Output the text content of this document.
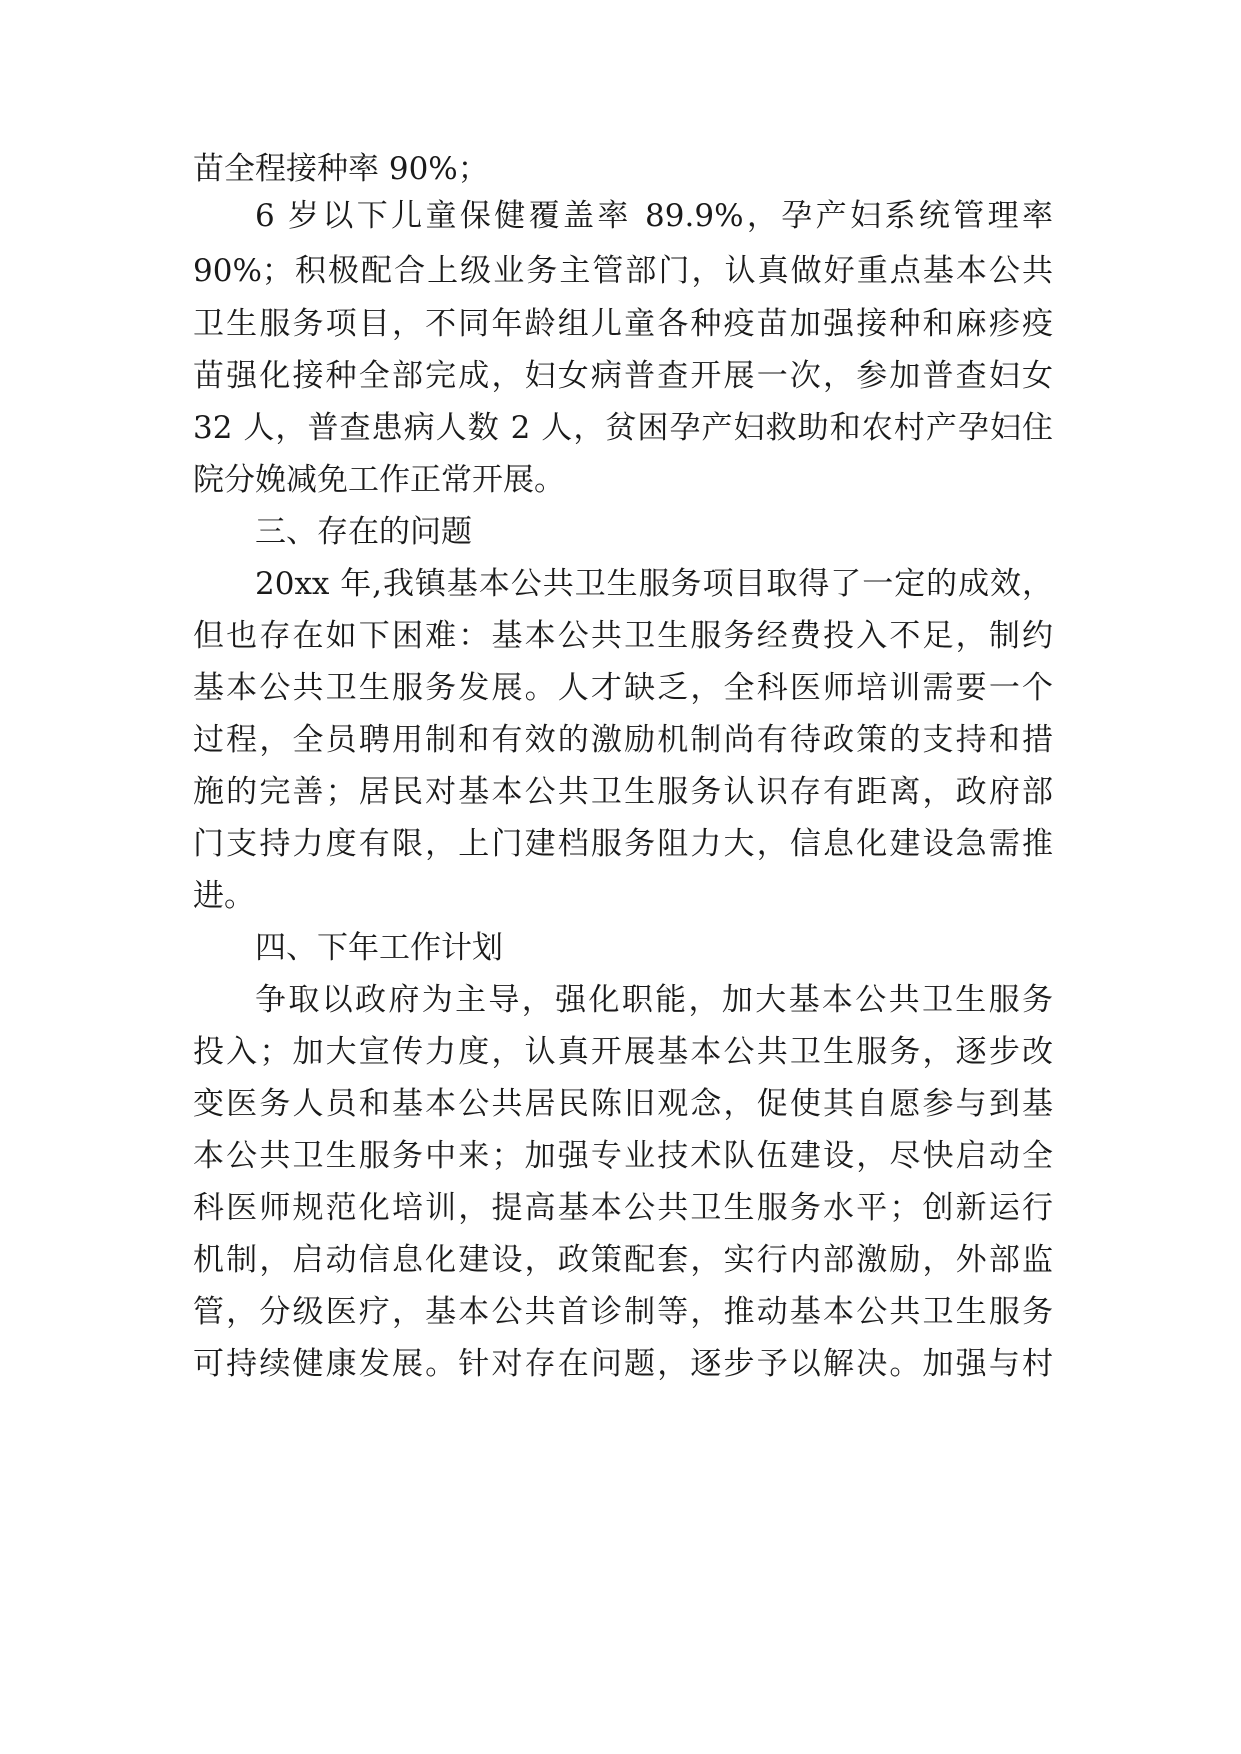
苗全程接种率 90%；
6 岁以下儿童保健覆盖率 89.9%，孕产妇系统管理率
90%；积极配合上级业务主管部门，认真做好重点基本公共
卫生服务项目，不同年龄组儿童各种疫苗加强接种和麻疹疫
苗强化接种全部完成，妇女病普查开展一次，参加普查妇女
32 人，普查患病人数 2 人，贫困孕产妇救助和农村产孕妇住
院分娩减免工作正常开展。
三、存在的问题
20xx 年,我镇基本公共卫生服务项目取得了一定的成效，
但也存在如下困难：基本公共卫生服务经费投入不足，制约
基本公共卫生服务发展。人才缺乏，全科医师培训需要一个
过程，全员聘用制和有效的激励机制尚有待政策的支持和措
施的完善；居民对基本公共卫生服务认识存有距离，政府部
门支持力度有限，上门建档服务阻力大，信息化建设急需推
进。
四、下年工作计划
争取以政府为主导，强化职能，加大基本公共卫生服务
投入；加大宣传力度，认真开展基本公共卫生服务，逐步改
变医务人员和基本公共居民陈旧观念，促使其自愿参与到基
本公共卫生服务中来；加强专业技术队伍建设，尽快启动全
科医师规范化培训，提高基本公共卫生服务水平；创新运行
机制，启动信息化建设，政策配套，实行内部激励，外部监
管，分级医疗，基本公共首诊制等，推动基本公共卫生服务
可持续健康发展。针对存在问题，逐步予以解决。加强与村
